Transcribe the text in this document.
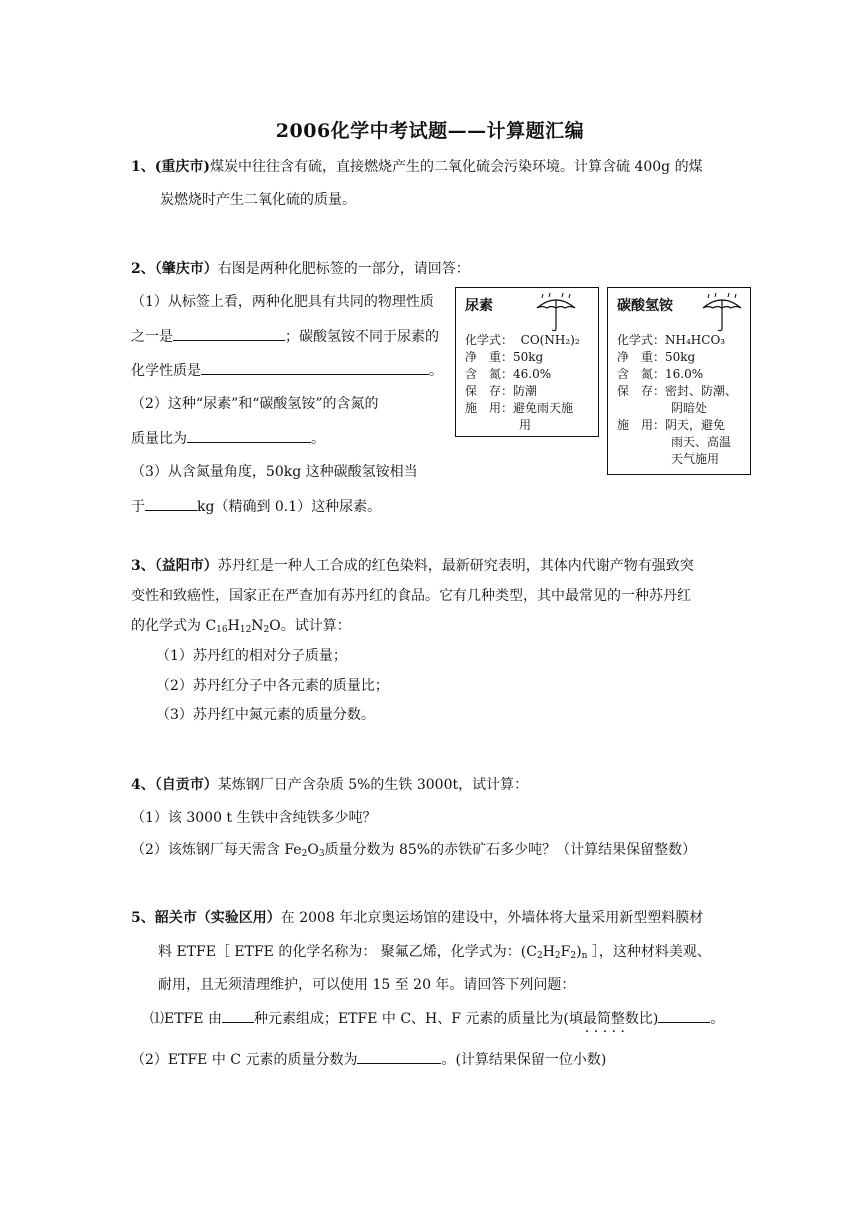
2006化学中考试题——计算题汇编
1、(重庆市)煤炭中往往含有硫，直接燃烧产生的二氧化硫会污染环境。计算含硫 400g 的煤
炭燃烧时产生二氧化硫的质量。
2、（肇庆市）右图是两种化肥标签的一部分，请回答：
（1）从标签上看，两种化肥具有共同的物理性质
之一是	；碳酸氢铵不同于尿素的
化学性质是	。
（2）这种“尿素”和“碳酸氢铵”的含氮的
质量比为	。
（3）从含氮量角度，50kg 这种碳酸氢铵相当
于	kg（精确到 0.1）这种尿素。
尿素
化学式： CO(NH₂)₂
净　重：50kg
含　氮：46.0%
保　存：防潮
施　用：避免雨天施
用
碳酸氢铵
化学式：NH₄HCO₃
净　重：50kg
含　氮：16.0%
保　存：密封、防潮、
阴暗处
施　用：阴天，避免
雨天、高温
天气施用
3、（益阳市）苏丹红是一种人工合成的红色染料，最新研究表明，其体内代谢产物有强致突
变性和致癌性，国家正在严查加有苏丹红的食品。它有几种类型，其中最常见的一种苏丹红
的化学式为 $C_{16}H_{12}N_2O$。试计算：
（1）苏丹红的相对分子质量；
（2）苏丹红分子中各元素的质量比；
（3）苏丹红中氮元素的质量分数。
4、（自贡市）某炼钢厂日产含杂质 5%的生铁 3000t，试计算：
（1）该 3000 t 生铁中含纯铁多少吨？
（2）该炼钢厂每天需含 $Fe_2O_3$质量分数为 85%的赤铁矿石多少吨？（计算结果保留整数）
5、韶关市（实验区用）在 2008 年北京奥运场馆的建设中，外墙体将大量采用新型塑料膜材
料 ETFE［ ETFE 的化学名称为： 聚氟乙烯，化学式为：$(C_2H_2F_2)_n$ ］，这种材料美观、
耐用，且无须清理维护，可以使用 15 至 20 年。请回答下列问题：
⑴ETFE 由 种元素组成；ETFE 中 C、H、F 元素的质量比为(填最简整数比 · · )	。
（2）ETFE 中 C 元素的质量分数为	。(计算结果保留一位小数)
